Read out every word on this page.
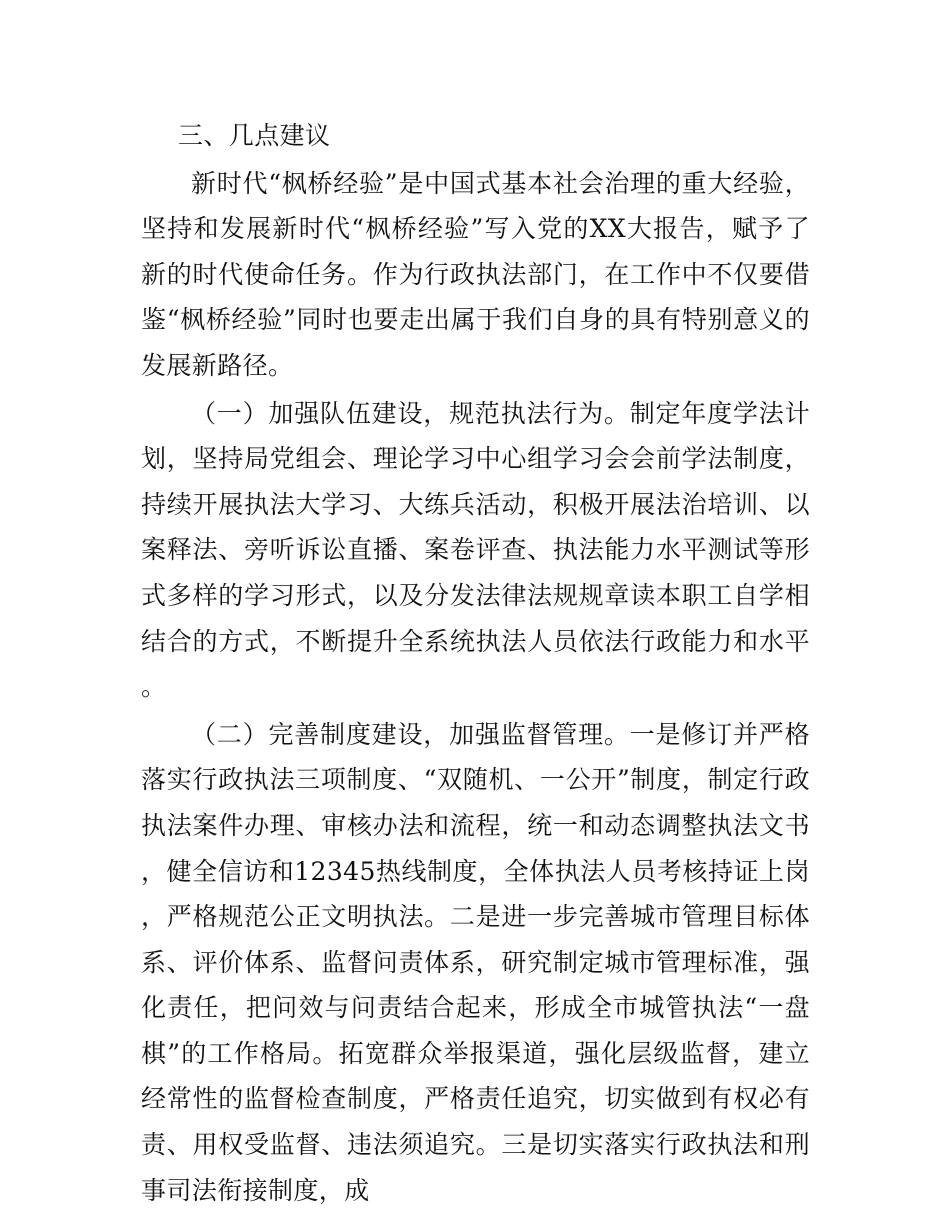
三、几点建议

新时代“枫桥经验”是中国式基本社会治理的重大经验，坚持和发展新时代“枫桥经验”写入党的XX大报告，赋予了新的时代使命任务。作为行政执法部门，在工作中不仅要借鉴“枫桥经验”同时也要走出属于我们自身的具有特别意义的发展新路径。

（一）加强队伍建设，规范执法行为。制定年度学法计划，坚持局党组会、理论学习中心组学习会会前学法制度，持续开展执法大学习、大练兵活动，积极开展法治培训、以案释法、旁听诉讼直播、案卷评查、执法能力水平测试等形式多样的学习形式，以及分发法律法规规章读本职工自学相结合的方式，不断提升全系统执法人员依法行政能力和水平。

（二）完善制度建设，加强监督管理。一是修订并严格落实行政执法三项制度、“双随机、一公开”制度，制定行政执法案件办理、审核办法和流程，统一和动态调整执法文书，健全信访和12345热线制度，全体执法人员考核持证上岗，严格规范公正文明执法。二是进一步完善城市管理目标体系、评价体系、监督问责体系，研究制定城市管理标准，强化责任，把问效与问责结合起来，形成全市城管执法“一盘棋”的工作格局。拓宽群众举报渠道，强化层级监督，建立经常性的监督检查制度，严格责任追究，切实做到有权必有责、用权受监督、违法须追究。三是切实落实行政执法和刑事司法衔接制度，成
